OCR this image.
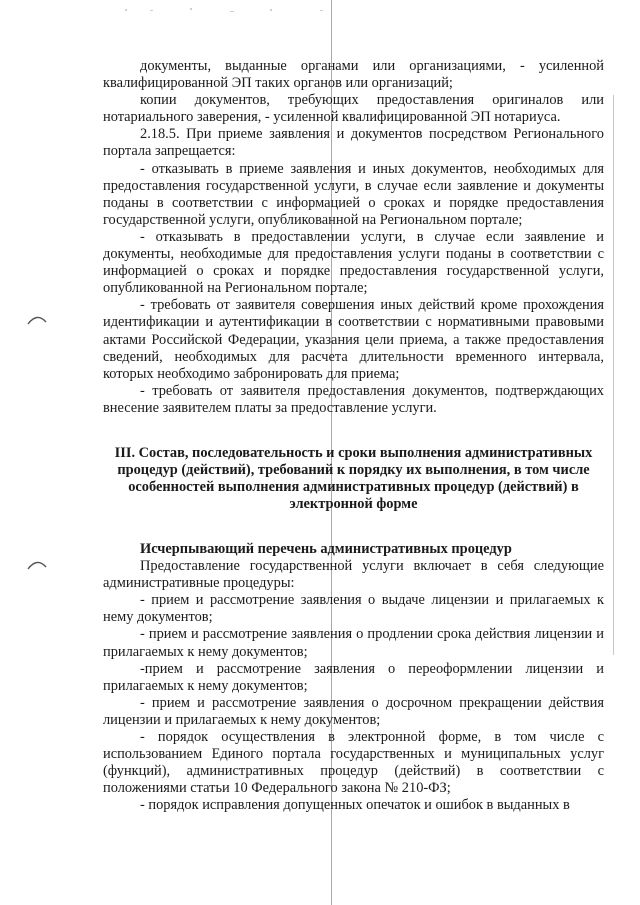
документы, выданные органами или организациями, - усиленной квалифицированной ЭП таких органов или организаций;

копии документов, требующих предоставления оригиналов или нотариального заверения, - усиленной квалифицированной ЭП нотариуса.

2.18.5. При приеме заявления и документов посредством Регионального портала запрещается:

- отказывать в приеме заявления и иных документов, необходимых для предоставления государственной услуги, в случае если заявление и документы поданы в соответствии с информацией о сроках и порядке предоставления государственной услуги, опубликованной на Региональном портале;

- отказывать в предоставлении услуги, в случае если заявление и документы, необходимые для предоставления услуги поданы в соответствии с информацией о сроках и порядке предоставления государственной услуги, опубликованной на Региональном портале;

- требовать от заявителя совершения иных действий кроме прохождения идентификации и аутентификации в соответствии с нормативными правовыми актами Российской Федерации, указания цели приема, а также предоставления сведений, необходимых для расчета длительности временного интервала, которых необходимо забронировать для приема;

- требовать от заявителя предоставления документов, подтверждающих внесение заявителем платы за предоставление услуги.

III. Состав, последовательность и сроки выполнения административных процедур (действий), требований к порядку их выполнения, в том числе особенностей выполнения административных процедур (действий) в электронной форме

Исчерпывающий перечень административных процедур

Предоставление государственной услуги включает в себя следующие административные процедуры:

- прием и рассмотрение заявления о выдаче лицензии и прилагаемых к нему документов;

- прием и рассмотрение заявления о продлении срока действия лицензии и прилагаемых к нему документов;

-прием и рассмотрение заявления о переоформлении лицензии и прилагаемых к нему документов;

- прием и рассмотрение заявления о досрочном прекращении действия лицензии и прилагаемых к нему документов;

- порядок осуществления в электронной форме, в том числе с использованием Единого портала государственных и муниципальных услуг (функций), административных процедур (действий) в соответствии с положениями статьи 10 Федерального закона № 210-ФЗ;

- порядок исправления допущенных опечаток и ошибок в выданных в
